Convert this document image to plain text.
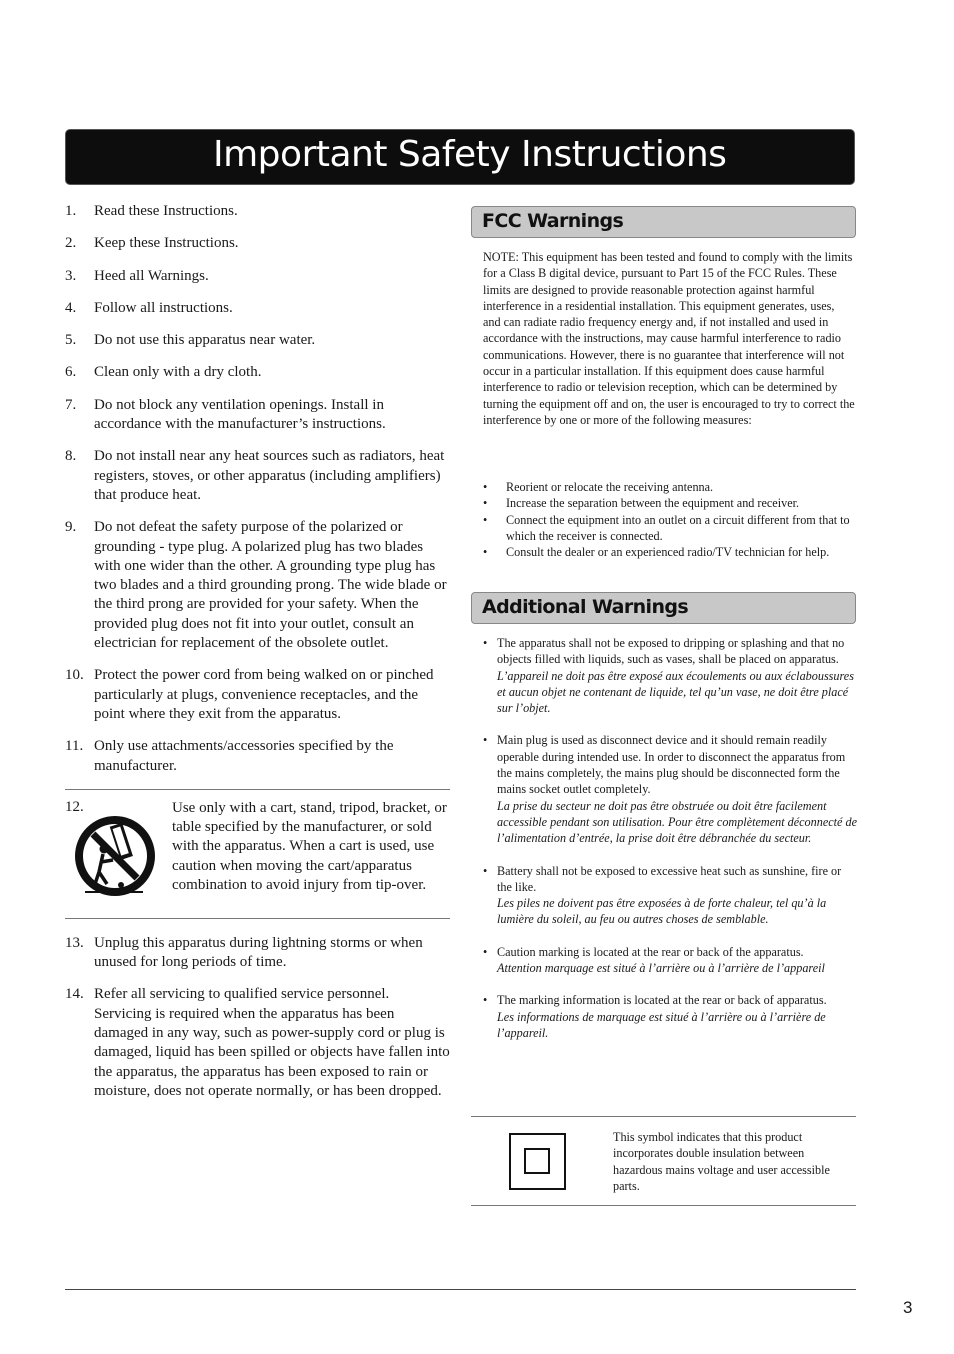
Important Safety Instructions
1. Read these Instructions.
2. Keep these Instructions.
3. Heed all Warnings.
4. Follow all instructions.
5. Do not use this apparatus near water.
6. Clean only with a dry cloth.
7. Do not block any ventilation openings. Install in accordance with the manufacturer’s instructions.
8. Do not install near any heat sources such as radiators, heat registers, stoves, or other apparatus (including amplifiers) that produce heat.
9. Do not defeat the safety purpose of the polarized or grounding - type plug. A polarized plug has two blades with one wider than the other. A grounding type plug has two blades and a third grounding prong. The wide blade or the third prong are provided for your safety. When the provided plug does not fit into your outlet, consult an electrician for replacement of the obsolete outlet.
10. Protect the power cord from being walked on or pinched particularly at plugs, convenience receptacles, and the point where they exit from the apparatus.
11. Only use attachments/accessories specified by the manufacturer.
12.	Use only with a cart, stand, tripod, bracket, or table specified by the manufacturer, or sold with the apparatus. When a cart is used, use caution when moving the cart/apparatus combination to avoid injury from tip-over.
13. Unplug this apparatus during lightning storms or when unused for long periods of time.
14. Refer all servicing to qualified service personnel. Servicing is required when the apparatus has been damaged in any way, such as power-supply cord or plug is damaged, liquid has been spilled or objects have fallen into the apparatus, the apparatus has been exposed to rain or moisture, does not operate normally, or has been dropped.
FCC Warnings
NOTE: This equipment has been tested and found to comply with the limits for a Class B digital device, pursuant to Part 15 of the FCC Rules. These limits are designed to provide reasonable protection against harmful interference in a residential installation. This equipment generates, uses, and can radiate radio frequency energy and, if not installed and used in accordance with the instructions, may cause harmful interference to radio communications. However, there is no guarantee that interference will not occur in a particular installation. If this equipment does cause harmful interference to radio or television reception, which can be determined by turning the equipment off and on, the user is encouraged to try to correct the interference by one or more of the following measures:
• Reorient or relocate the receiving antenna.
• Increase the separation between the equipment and receiver.
• Connect the equipment into an outlet on a circuit different from that to which the receiver is connected.
• Consult the dealer or an experienced radio/TV technician for help.
Additional Warnings
• The apparatus shall not be exposed to dripping or splashing and that no objects filled with liquids, such as vases, shall be placed on apparatus.
L’appareil ne doit pas être exposé aux écoulements ou aux éclaboussures et aucun objet ne contenant de liquide, tel qu’un vase, ne doit être placé sur l’objet.
• Main plug is used as disconnect device and it should remain readily operable during intended use. In order to disconnect the apparatus from the mains completely, the mains plug should be disconnected form the mains socket outlet completely.
La prise du secteur ne doit pas être obstruée ou doit être facilement accessible pendant son utilisation. Pour être complètement déconnecté de l’alimentation d’entrée, la prise doit être débranchée du secteur.
• Battery shall not be exposed to excessive heat such as sunshine, fire or the like.
Les piles ne doivent pas être exposées à de forte chaleur, tel qu’à la lumière du soleil, au feu ou autres choses de semblable.
• Caution marking is located at the rear or back of the apparatus.
Attention marquage est situé à l’arrière ou à l’arrière de l’appareil
• The marking information is located at the rear or back of apparatus.
Les informations de marquage est situé à l’arrière ou à l’arrière de l’appareil.
This symbol indicates that this product incorporates double insulation between hazardous mains voltage and user accessible parts.
3
